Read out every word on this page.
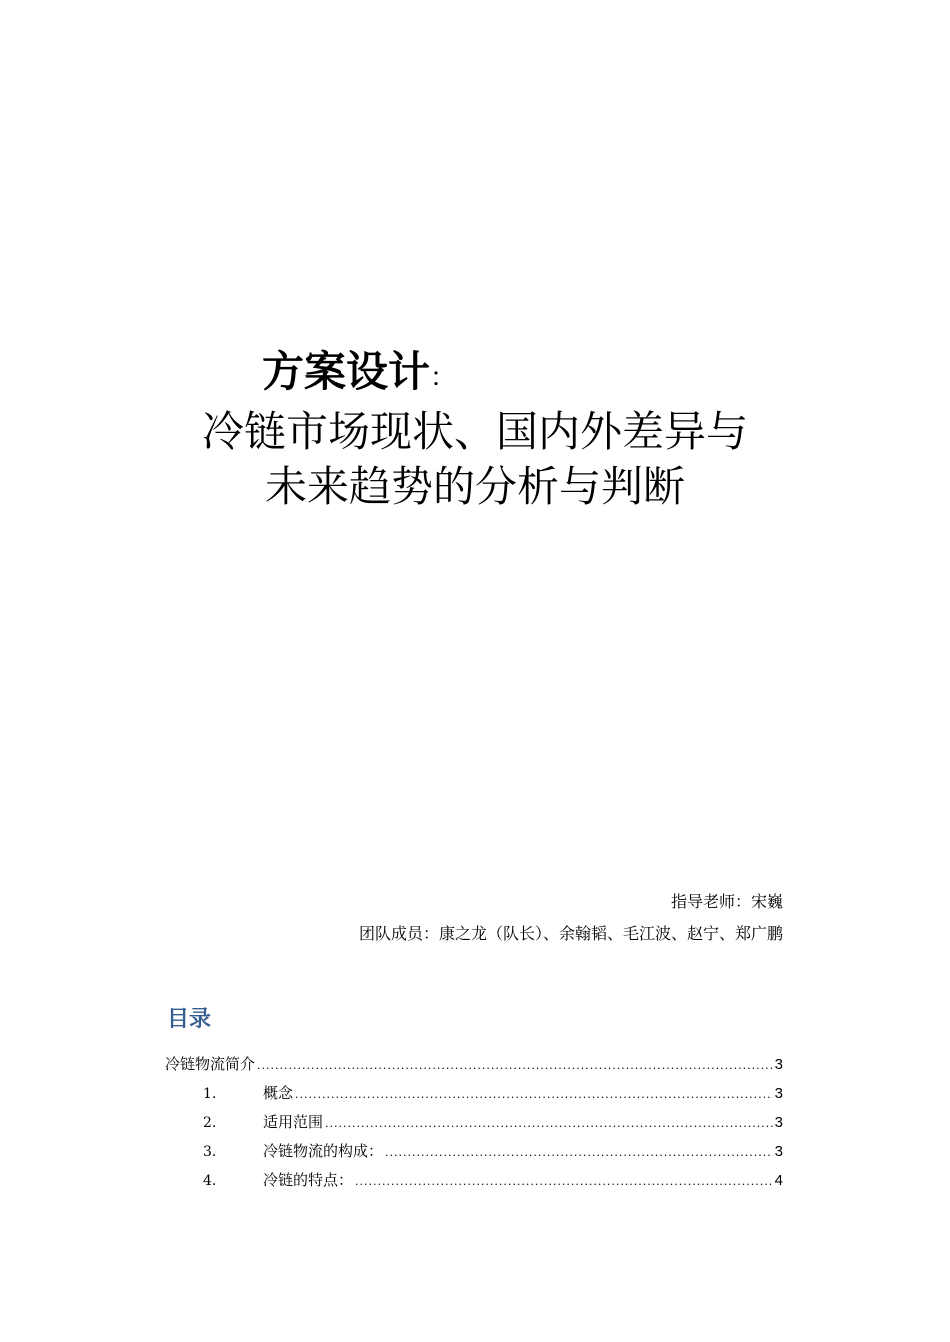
方案设计：
冷链市场现状、国内外差异与未来趋势的分析与判断
指导老师：宋巍
团队成员：康之龙（队长）、余翰韬、毛江波、赵宁、郑广鹏
目录
冷链物流简介 .....	3
1.	概念 .....	3
2.	适用范围 .....	3
3.	冷链物流的构成： .....	3
4.	冷链的特点： .....	4
